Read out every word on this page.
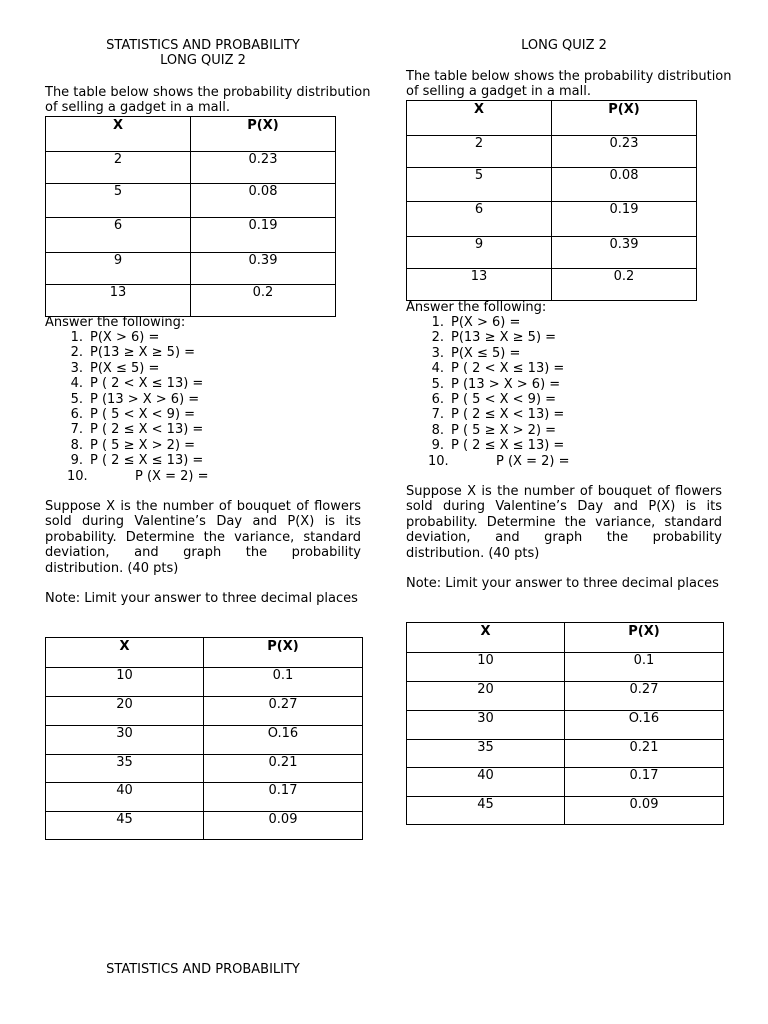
STATISTICS AND PROBABILITY
LONG QUIZ 2
The table below shows the probability distribution of selling a gadget in a mall.
X	P(X)
2	0.23
5	0.08
6	0.19
9	0.39
13	0.2
Answer the following:
1. P(X > 6) =
2. P(13 ≥ X ≥ 5) =
3. P(X ≤ 5) =
4. P ( 2 < X ≤ 13) =
5. P (13 > X > 6) =
6. P ( 5 < X < 9) =
7. P ( 2 ≤ X < 13) =
8. P ( 5 ≥ X > 2) =
9. P ( 2 ≤ X ≤ 13) =
10.	P (X = 2) =
Suppose X is the number of bouquet of flowers sold during Valentine’s Day and P(X) is its probability. Determine the variance, standard deviation, and graph the probability distribution. (40 pts)
Note: Limit your answer to three decimal places
X	P(X)
10	0.1
20	0.27
30	O.16
35	0.21
40	0.17
45	0.09
STATISTICS AND PROBABILITY
LONG QUIZ 2
The table below shows the probability distribution of selling a gadget in a mall.
X	P(X)
2	0.23
5	0.08
6	0.19
9	0.39
13	0.2
Answer the following:
1. P(X > 6) =
2. P(13 ≥ X ≥ 5) =
3. P(X ≤ 5) =
4. P ( 2 < X ≤ 13) =
5. P (13 > X > 6) =
6. P ( 5 < X < 9) =
7. P ( 2 ≤ X < 13) =
8. P ( 5 ≥ X > 2) =
9. P ( 2 ≤ X ≤ 13) =
10.	P (X = 2) =
Suppose X is the number of bouquet of flowers sold during Valentine’s Day and P(X) is its probability. Determine the variance, standard deviation, and graph the probability distribution. (40 pts)
Note: Limit your answer to three decimal places
X	P(X)
10	0.1
20	0.27
30	O.16
35	0.21
40	0.17
45	0.09
